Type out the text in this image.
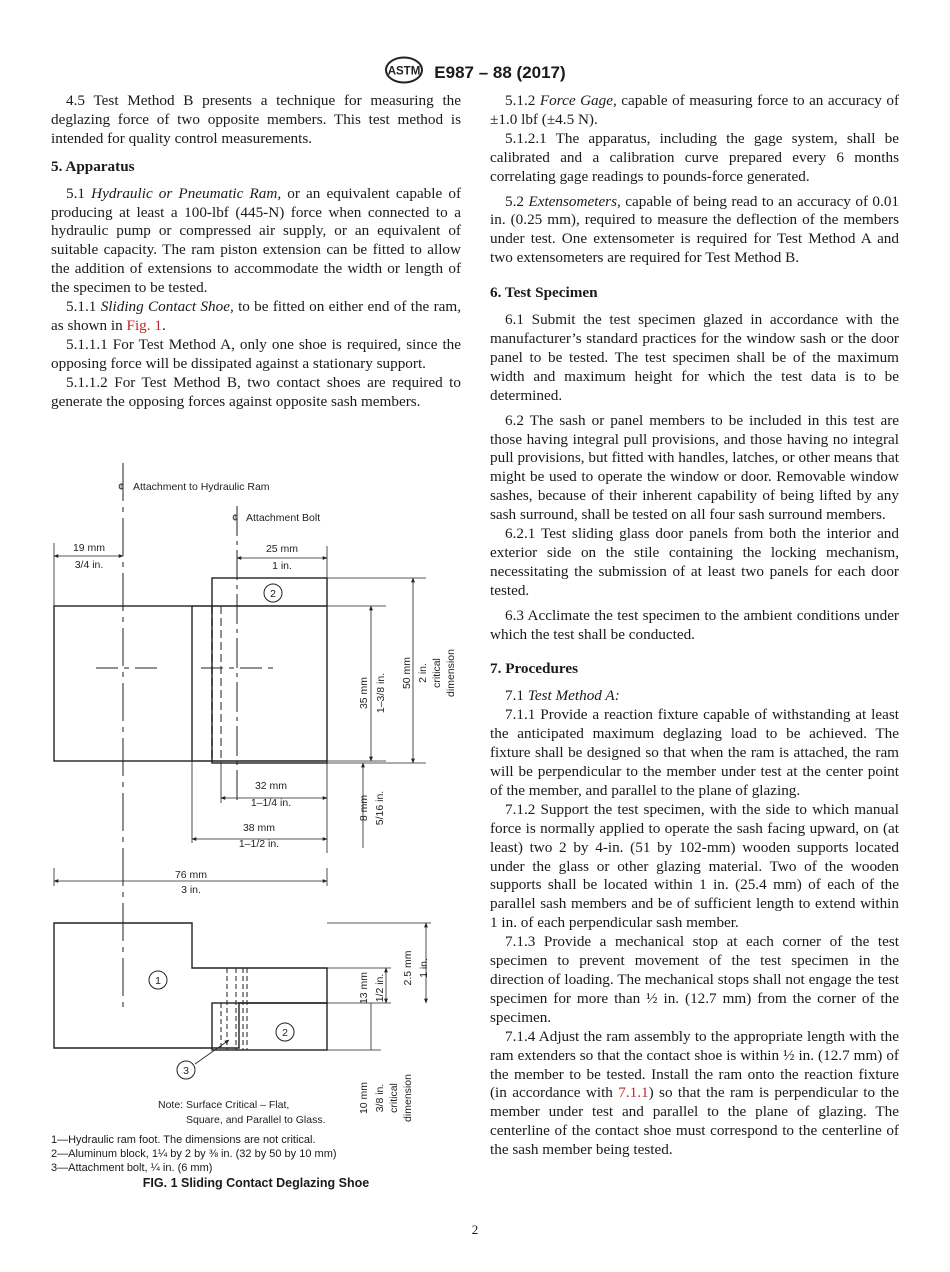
ASTM E987 – 88 (2017)

4.5 Test Method B presents a technique for measuring the deglazing force of two opposite members. This test method is intended for quality control measurements.

5. Apparatus

5.1 Hydraulic or Pneumatic Ram, or an equivalent capable of producing at least a 100-lbf (445-N) force when connected to a hydraulic pump or compressed air supply, or an equivalent of suitable capacity. The ram piston extension can be fitted to allow the addition of extensions to accommodate the width or length of the specimen to be tested.

5.1.1 Sliding Contact Shoe, to be fitted on either end of the ram, as shown in Fig. 1.

5.1.1.1 For Test Method A, only one shoe is required, since the opposing force will be dissipated against a stationary support.

5.1.1.2 For Test Method B, two contact shoes are required to generate the opposing forces against opposite sash members.

5.1.2 Force Gage, capable of measuring force to an accuracy of ±1.0 lbf (±4.5 N).

5.1.2.1 The apparatus, including the gage system, shall be calibrated and a calibration curve prepared every 6 months correlating gage readings to pounds-force generated.

5.2 Extensometers, capable of being read to an accuracy of 0.01 in. (0.25 mm), required to measure the deflection of the members under test. One extensometer is required for Test Method A and two extensometers are required for Test Method B.

6. Test Specimen

6.1 Submit the test specimen glazed in accordance with the manufacturer’s standard practices for the window sash or the door panel to be tested. The test specimen shall be of the maximum width and maximum height for which the test data is to be determined.

6.2 The sash or panel members to be included in this test are those having integral pull provisions, and those having no integral pull provisions, but fitted with handles, latches, or other means that might be used to operate the window or door. Removable window sashes, because of their inherent capability of being lifted by any sash surround, shall be tested on all four sash surround members.

6.2.1 Test sliding glass door panels from both the interior and exterior side on the stile containing the locking mechanism, necessitating the submission of at least two panels for each door tested.

6.3 Acclimate the test specimen to the ambient conditions under which the test shall be conducted.

7. Procedures

7.1 Test Method A:

7.1.1 Provide a reaction fixture capable of withstanding at least the anticipated maximum deglazing load to be achieved. The fixture shall be designed so that when the ram is attached, the ram will be perpendicular to the member under test at the center point of the member, and parallel to the plane of glazing.

7.1.2 Support the test specimen, with the side to which manual force is normally applied to operate the sash facing upward, on (at least) two 2 by 4-in. (51 by 102-mm) wooden supports located under the glass or other glazing material. Two of the wooden supports shall be located within 1 in. (25.4 mm) of each of the parallel sash members and be of sufficient length to extend within 1 in. of each perpendicular sash member.

7.1.3 Provide a mechanical stop at each corner of the test specimen to prevent movement of the test specimen in the direction of loading. The mechanical stops shall not engage the test specimen for more than ½ in. (12.7 mm) from the corner of the specimen.

7.1.4 Adjust the ram assembly to the appropriate length with the ram extenders so that the contact shoe is within ½ in. (12.7 mm) of the member to be tested. Install the ram onto the reaction fixture (in accordance with 7.1.1) so that the ram is perpendicular to the member under test and parallel to the plane of glazing. The centerline of the contact shoe must correspond to the centerline of the sash member being tested.

¢ Attachment to Hydraulic Ram
¢ Attachment Bolt
2
19 mm
3/4 in.
25 mm
1 in.
35 mm 1–3/8 in. 50 mm 2 in. critical dimension
32 mm
1–1/4 in.	8 mm 5/16 in.
38 mm
1–1/2 in.
76 mm
3 in.
1
2
3
13 mm 1/2 in.
2.5 mm 1 in.
10 mm 3/8 in. critical dimension
Note: Surface Critical – Flat,
Square, and Parallel to Glass.
1—Hydraulic ram foot. The dimensions are not critical.
2—Aluminum block, 1¼ by 2 by ⅜ in. (32 by 50 by 10 mm)
3—Attachment bolt, ¼ in. (6 mm)
FIG. 1 Sliding Contact Deglazing Shoe
2
